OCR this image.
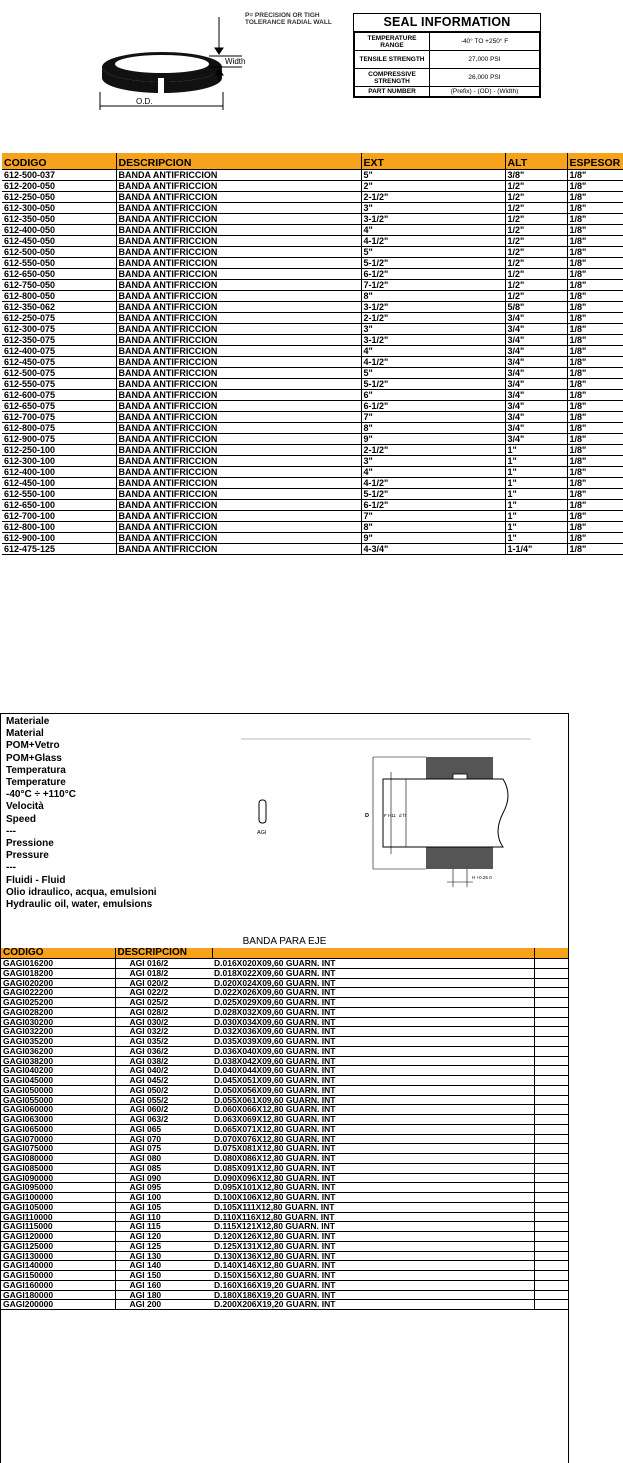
Width
O.D.
P= PRECISION OR TIGH TOLERANCE RADIAL WALL	SEAL INFORMATION
TEMPERATURE RANGE	-40° TO +250° F
TENSILE STRENGTH	27,000 PSI
COMPRESSIVE STRENGTH	26,000 PSI
PART NUMBER	(Prefix) - (OD) - (Width)
CODIGO	DESCRIPCION	EXT	ALT	ESPESOR
612-500-037	BANDA ANTIFRICCION	5"	3/8"	1/8"
612-200-050	BANDA ANTIFRICCION	2"	1/2"	1/8"
612-250-050	BANDA ANTIFRICCION	2-1/2"	1/2"	1/8"
612-300-050	BANDA ANTIFRICCION	3"	1/2"	1/8"
612-350-050	BANDA ANTIFRICCION	3-1/2"	1/2"	1/8"
612-400-050	BANDA ANTIFRICCION	4"	1/2"	1/8"
612-450-050	BANDA ANTIFRICCION	4-1/2"	1/2"	1/8"
612-500-050	BANDA ANTIFRICCION	5"	1/2"	1/8"
612-550-050	BANDA ANTIFRICCION	5-1/2"	1/2"	1/8"
612-650-050	BANDA ANTIFRICCION	6-1/2"	1/2"	1/8"
612-750-050	BANDA ANTIFRICCION	7-1/2"	1/2"	1/8"
612-800-050	BANDA ANTIFRICCION	8"	1/2"	1/8"
612-350-062	BANDA ANTIFRICCION	3-1/2"	5/8"	1/8"
612-250-075	BANDA ANTIFRICCION	2-1/2"	3/4"	1/8"
612-300-075	BANDA ANTIFRICCION	3"	3/4"	1/8"
612-350-075	BANDA ANTIFRICCION	3-1/2"	3/4"	1/8"
612-400-075	BANDA ANTIFRICCION	4"	3/4"	1/8"
612-450-075	BANDA ANTIFRICCION	4-1/2"	3/4"	1/8"
612-500-075	BANDA ANTIFRICCION	5"	3/4"	1/8"
612-550-075	BANDA ANTIFRICCION	5-1/2"	3/4"	1/8"
612-600-075	BANDA ANTIFRICCION	6"	3/4"	1/8"
612-650-075	BANDA ANTIFRICCION	6-1/2"	3/4"	1/8"
612-700-075	BANDA ANTIFRICCION	7"	3/4"	1/8"
612-800-075	BANDA ANTIFRICCION	8"	3/4"	1/8"
612-900-075	BANDA ANTIFRICCION	9"	3/4"	1/8"
612-250-100	BANDA ANTIFRICCION	2-1/2"	1"	1/8"
612-300-100	BANDA ANTIFRICCION	3"	1"	1/8"
612-400-100	BANDA ANTIFRICCION	4"	1"	1/8"
612-450-100	BANDA ANTIFRICCION	4-1/2"	1"	1/8"
612-550-100	BANDA ANTIFRICCION	5-1/2"	1"	1/8"
612-650-100	BANDA ANTIFRICCION	6-1/2"	1"	1/8"
612-700-100	BANDA ANTIFRICCION	7"	1"	1/8"
612-800-100	BANDA ANTIFRICCION	8"	1"	1/8"
612-900-100	BANDA ANTIFRICCION	9"	1"	1/8"
612-475-125	BANDA ANTIFRICCION	4-3/4"	1-1/4"	1/8"
Materiale
Material
POM+Vetro
POM+Glass
Temperatura
Temperature
-40°C ÷ +110°C
Velocità
Speed
---
Pressione
Pressure
---
Fluidi - Fluid
Olio idraulico, acqua, emulsioni
Hydraulic oil, water, emulsions
AGI
D	F H11 d f7
H +0.25 0
BANDA PARA EJE
CODIGO	DESCRIPCION		
GAGI016200	AGI 016/2	D.016X020X09,60 GUARN. INT	
GAGI018200	AGI 018/2	D.018X022X09,60 GUARN. INT	
GAGI020200	AGI 020/2	D.020X024X09,60 GUARN. INT	
GAGI022200	AGI 022/2	D.022X026X09,60 GUARN. INT	
GAGI025200	AGI 025/2	D.025X029X09,60 GUARN. INT	
GAGI028200	AGI 028/2	D.028X032X09,60 GUARN. INT	
GAGI030200	AGI 030/2	D.030X034X09,60 GUARN. INT	
GAGI032200	AGI 032/2	D.032X036X09,60 GUARN. INT	
GAGI035200	AGI 035/2	D.035X039X09,60 GUARN. INT	
GAGI036200	AGI 036/2	D.036X040X09,60 GUARN. INT	
GAGI038200	AGI 038/2	D.038X042X09,60 GUARN. INT	
GAGI040200	AGI 040/2	D.040X044X09,60 GUARN. INT	
GAGI045000	AGI 045/2	D.045X051X09,60 GUARN. INT	
GAGI050000	AGI 050/2	D.050X056X09,60 GUARN. INT	
GAGI055000	AGI 055/2	D.055X061X09,60 GUARN. INT	
GAGI060000	AGI 060/2	D.060X066X12,80 GUARN. INT	
GAGI063000	AGI 063/2	D.063X069X12,80 GUARN. INT	
GAGI065000	AGI 065	D.065X071X12,80 GUARN. INT	
GAGI070000	AGI 070	D.070X076X12,80 GUARN. INT	
GAGI075000	AGI 075	D.075X081X12,80 GUARN. INT	
GAGI080000	AGI 080	D.080X086X12,80 GUARN. INT	
GAGI085000	AGI 085	D.085X091X12,80 GUARN. INT	
GAGI090000	AGI 090	D.090X096X12,80 GUARN. INT	
GAGI095000	AGI 095	D.095X101X12,80 GUARN. INT	
GAGI100000	AGI 100	D.100X106X12,80 GUARN. INT	
GAGI105000	AGI 105	D.105X111X12,80 GUARN. INT	
GAGI110000	AGI 110	D.110X116X12,80 GUARN. INT	
GAGI115000	AGI 115	D.115X121X12,80 GUARN. INT	
GAGI120000	AGI 120	D.120X126X12,80 GUARN. INT	
GAGI125000	AGI 125	D.125X131X12,80 GUARN. INT	
GAGI130000	AGI 130	D.130X136X12,80 GUARN. INT	
GAGI140000	AGI 140	D.140X146X12,80 GUARN. INT	
GAGI150000	AGI 150	D.150X156X12,80 GUARN. INT	
GAGI160000	AGI 160	D.160X166X19,20 GUARN. INT	
GAGI180000	AGI 180	D.180X186X19,20 GUARN. INT	
GAGI200000	AGI 200	D.200X206X19,20 GUARN. INT	
